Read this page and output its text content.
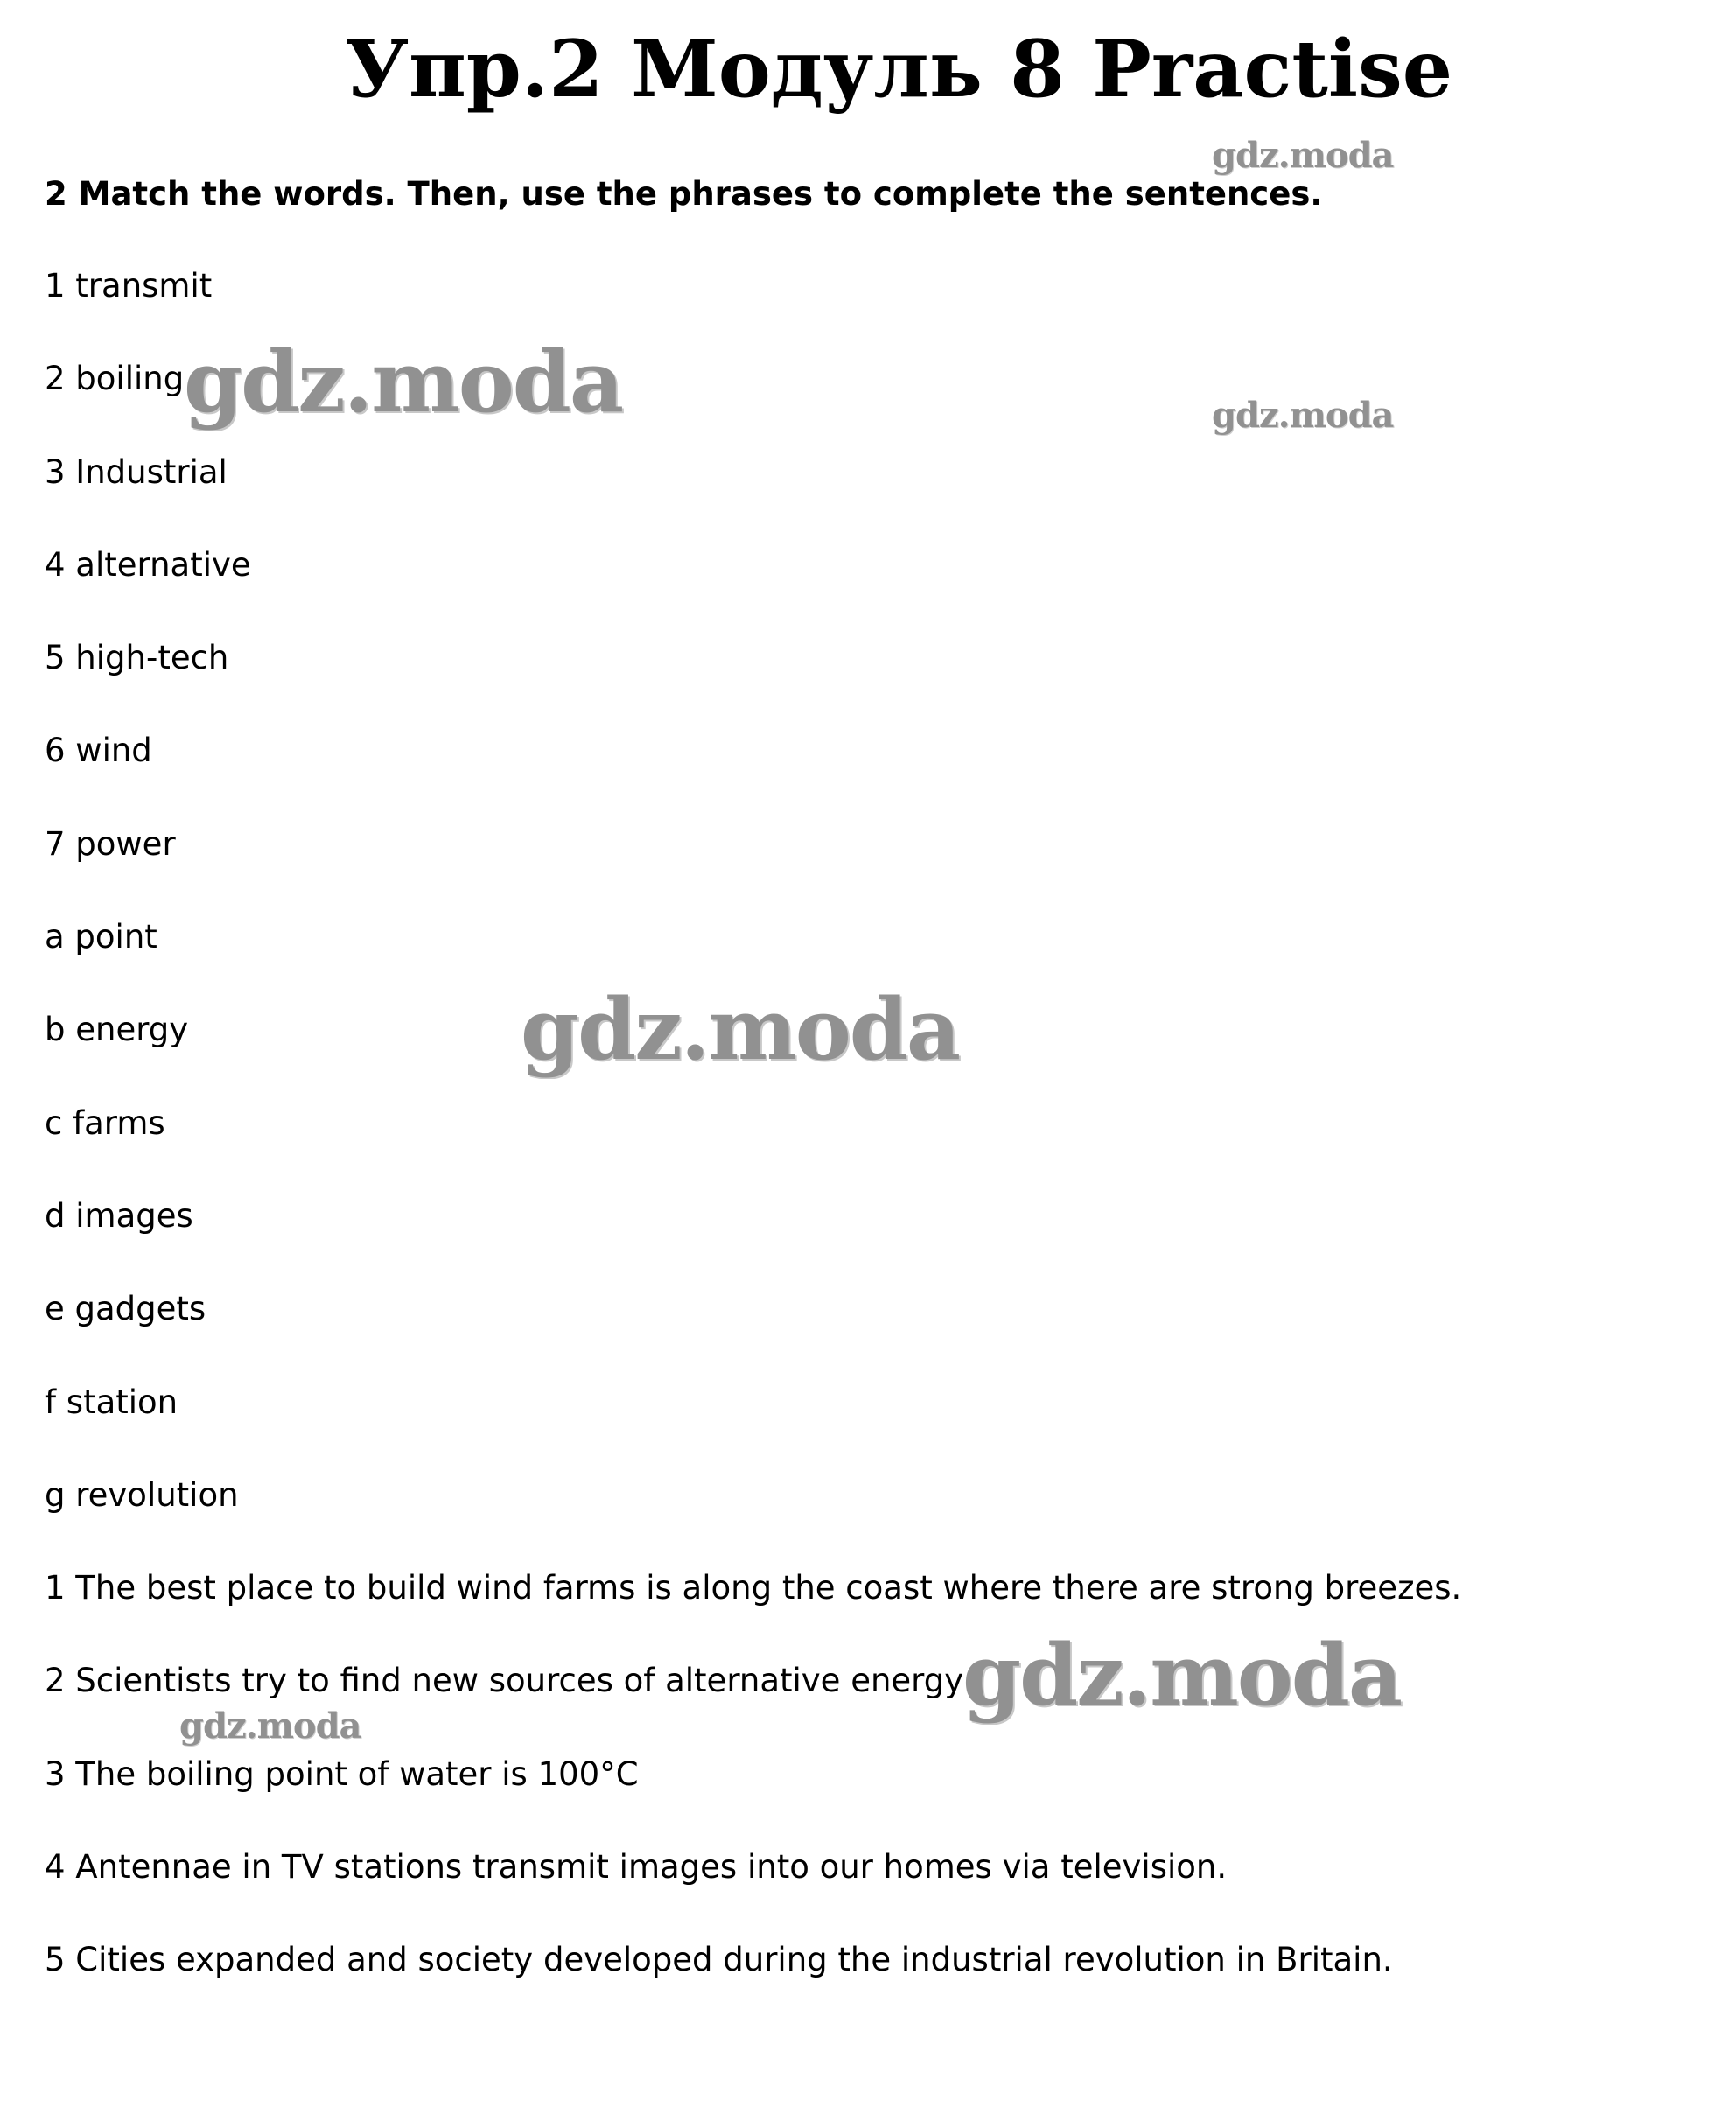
Упр.2 Модуль 8 Practise
2 Match the words. Then, use the phrases to complete the sentences.
1 transmit
2 boiling
3 Industrial
4 alternative
5 high-tech
6 wind
7 power
a point
b energy
c farms
d images
e gadgets
f station
g revolution
1 The best place to build wind farms is along the coast where there are strong breezes.
2 Scientists try to find new sources of alternative energy
3 The boiling point of water is 100°C
4 Antennae in TV stations transmit images into our homes via television.
5 Cities expanded and society developed during the industrial revolution in Britain.
gdz.moda
gdz.moda	gdz.moda
gdz.moda
gdz.moda
gdz.moda
